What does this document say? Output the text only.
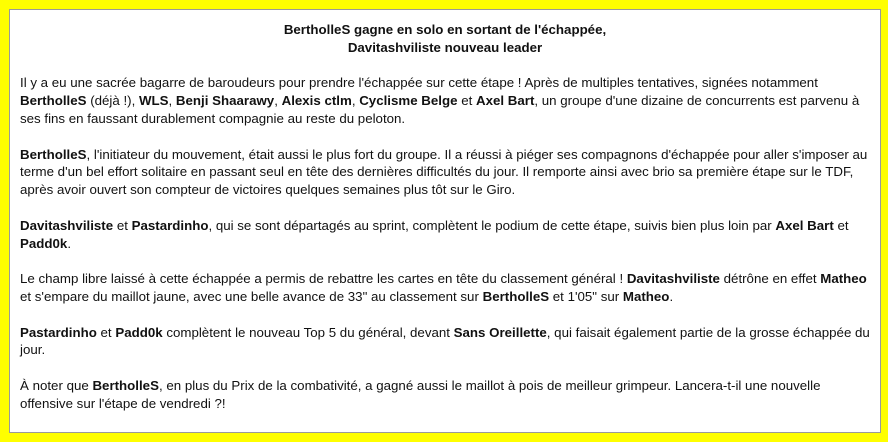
BertholleS gagne en solo en sortant de l'échappée,
Davitashviliste nouveau leader

Il y a eu une sacrée bagarre de baroudeurs pour prendre l'échappée sur cette étape ! Après de multiples tentatives, signées notamment BertholleS (déjà !), WLS, Benji Shaarawy, Alexis ctlm, Cyclisme Belge et Axel Bart, un groupe d'une dizaine de concurrents est parvenu à ses fins en faussant durablement compagnie au reste du peloton.

BertholleS, l'initiateur du mouvement, était aussi le plus fort du groupe. Il a réussi à piéger ses compagnons d'échappée pour aller s'imposer au terme d'un bel effort solitaire en passant seul en tête des dernières difficultés du jour. Il remporte ainsi avec brio sa première étape sur le TDF, après avoir ouvert son compteur de victoires quelques semaines plus tôt sur le Giro.

Davitashviliste et Pastardinho, qui se sont départagés au sprint, complètent le podium de cette étape, suivis bien plus loin par Axel Bart et Padd0k.

Le champ libre laissé à cette échappée a permis de rebattre les cartes en tête du classement général ! Davitashviliste détrône en effet Matheo et s'empare du maillot jaune, avec une belle avance de 33" au classement sur BertholleS et 1'05" sur Matheo.

Pastardinho et Padd0k complètent le nouveau Top 5 du général, devant Sans Oreillette, qui faisait également partie de la grosse échappée du jour.

À noter que BertholleS, en plus du Prix de la combativité, a gagné aussi le maillot à pois de meilleur grimpeur. Lancera-t-il une nouvelle offensive sur l'étape de vendredi ?!
